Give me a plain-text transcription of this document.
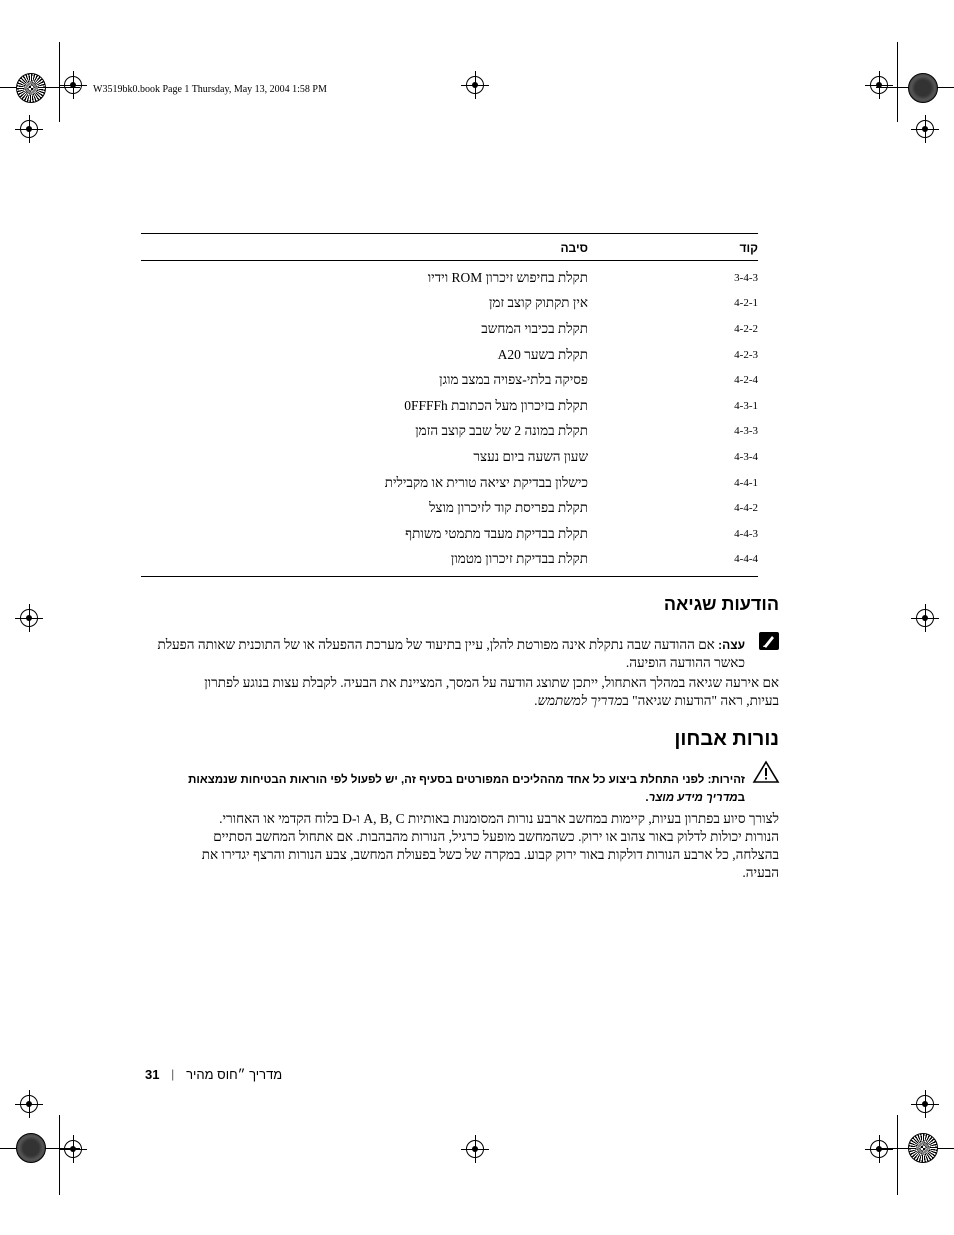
W3519bk0.book Page 1 Thursday, May 13, 2004 1:58 PM
קוד	סיבה
3-4-3	תקלת בחיפוש זיכרון ROM וידיו
4-2-1	אין תקתוק קוצב זמן
4-2-2	תקלת בכיבוי המחשב
4-2-3	תקלת בשער A20
4-2-4	פסיקה בלתי-צפויה במצב מוגן
4-3-1	תקלת בזיכרון מעל הכתובת 0FFFFh
4-3-3	תקלת במונה 2 של שבב קוצב הזמן
4-3-4	שעון השעה ביום נעצר
4-4-1	כישלון בבדיקת יציאה טורית או מקבילית
4-4-2	תקלת בפריסת קוד לזיכרון מוצל
4-4-3	תקלת בבדיקת מעבד מתמטי משותף
4-4-4	תקלת בבדיקת זיכרון מטמון
הודעות שגיאה

עצה: אם ההודעה שבה נתקלת אינה מפורטת להלן, עיין בתיעוד של מערכת ההפעלה או של התוכנית שאותה הפעלת כאשר ההודעה הופיעה.

אם אירעה שגיאה במהלך האתחול, ייתכן שתוצג הודעה על המסך, המציינת את הבעיה. לקבלת עצות בנוגע לפתרון בעיות, ראה "הודעות שגיאה" במדריך למשתמש.

נורות אבחון

זהירות: לפני התחלת ביצוע כל אחד מההליכים המפורטים בסעיף זה, יש לפעול לפי הוראות הבטיחות שנמצאות במדריך מידע מוצר.

לצורך סיוע בפתרון בעיות, קיימות במחשב ארבע נורות המסומנות באותיות A, B, C ו-D בלוח הקדמי או האחורי.
הנורות יכולות לדלוק באור צהוב או ירוק. כשהמחשב מופעל כרגיל, הנורות מהבהבות. אם אתחול המחשב הסתיים
בהצלחה, כל ארבע הנורות דולקות באור ירוק קבוע. במקרה של כשל בפעולת המחשב, צבע הנורות והרצף יגדירו את
הבעיה.
31 | מדריך ״חוס מהיר
